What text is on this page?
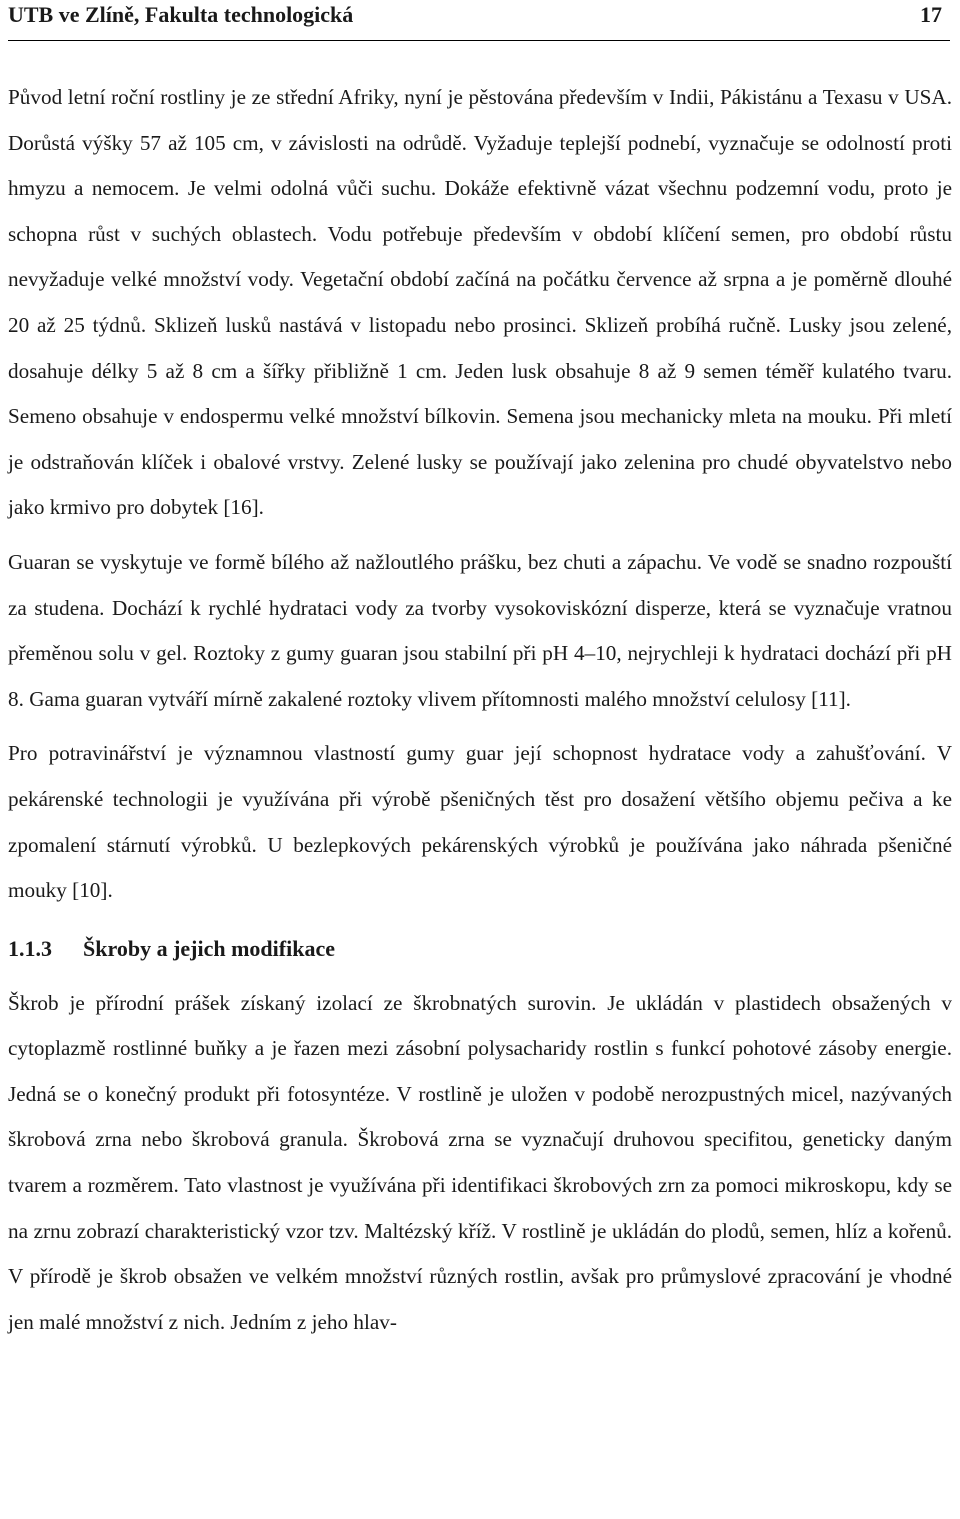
UTB ve Zlíně, Fakulta technologická	17

Původ letní roční rostliny je ze střední Afriky, nyní je pěstována především v Indii, Pákistánu a Texasu v USA. Dorůstá výšky 57 až 105 cm, v závislosti na odrůdě. Vyžaduje teplejší podnebí, vyznačuje se odolností proti hmyzu a nemocem. Je velmi odolná vůči suchu. Dokáže efektivně vázat všechnu podzemní vodu, proto je schopna růst v suchých oblastech. Vodu potřebuje především v období klíčení semen, pro období růstu nevyžaduje velké množství vody. Vegetační období začíná na počátku července až srpna a je poměrně dlouhé 20 až 25 týdnů. Sklizeň lusků nastává v listopadu nebo prosinci. Sklizeň probíhá ručně. Lusky jsou zelené, dosahuje délky 5 až 8 cm a šířky přibližně 1 cm. Jeden lusk obsahuje 8 až 9 semen téměř kulatého tvaru. Semeno obsahuje v endospermu velké množství bílkovin. Semena jsou mechanicky mleta na mouku. Při mletí je odstraňován klíček i obalové vrstvy. Zelené lusky se používají jako zelenina pro chudé obyvatelstvo nebo jako krmivo pro dobytek [16].

Guaran se vyskytuje ve formě bílého až nažloutlého prášku, bez chuti a zápachu. Ve vodě se snadno rozpouští za studena. Dochází k rychlé hydrataci vody za tvorby vysokoviskózní disperze, která se vyznačuje vratnou přeměnou solu v gel. Roztoky z gumy guaran jsou stabilní při pH 4–10, nejrychleji k hydrataci dochází při pH 8. Gama guaran vytváří mírně zakalené roztoky vlivem přítomnosti malého množství celulosy [11].

Pro potravinářství je významnou vlastností gumy guar její schopnost hydratace vody a zahušťování. V pekárenské technologii je využívána při výrobě pšeničných těst pro dosažení většího objemu pečiva a ke zpomalení stárnutí výrobků. U bezlepkových pekárenských výrobků je používána jako náhrada pšeničné mouky [10].

1.1.3 Škroby a jejich modifikace

Škrob je přírodní prášek získaný izolací ze škrobnatých surovin. Je ukládán v plastidech obsažených v cytoplazmě rostlinné buňky a je řazen mezi zásobní polysacharidy rostlin s funkcí pohotové zásoby energie. Jedná se o konečný produkt při fotosyntéze. V rostlině je uložen v podobě nerozpustných micel, nazývaných škrobová zrna nebo škrobová granula. Škrobová zrna se vyznačují druhovou specifitou, geneticky daným tvarem a rozměrem. Tato vlastnost je využívána při identifikaci škrobových zrn za pomoci mikroskopu, kdy se na zrnu zobrazí charakteristický vzor tzv. Maltézský kříž. V rostlině je ukládán do plodů, semen, hlíz a kořenů. V přírodě je škrob obsažen ve velkém množství různých rostlin, avšak pro průmyslové zpracování je vhodné jen malé množství z nich. Jedním z jeho hlav-
